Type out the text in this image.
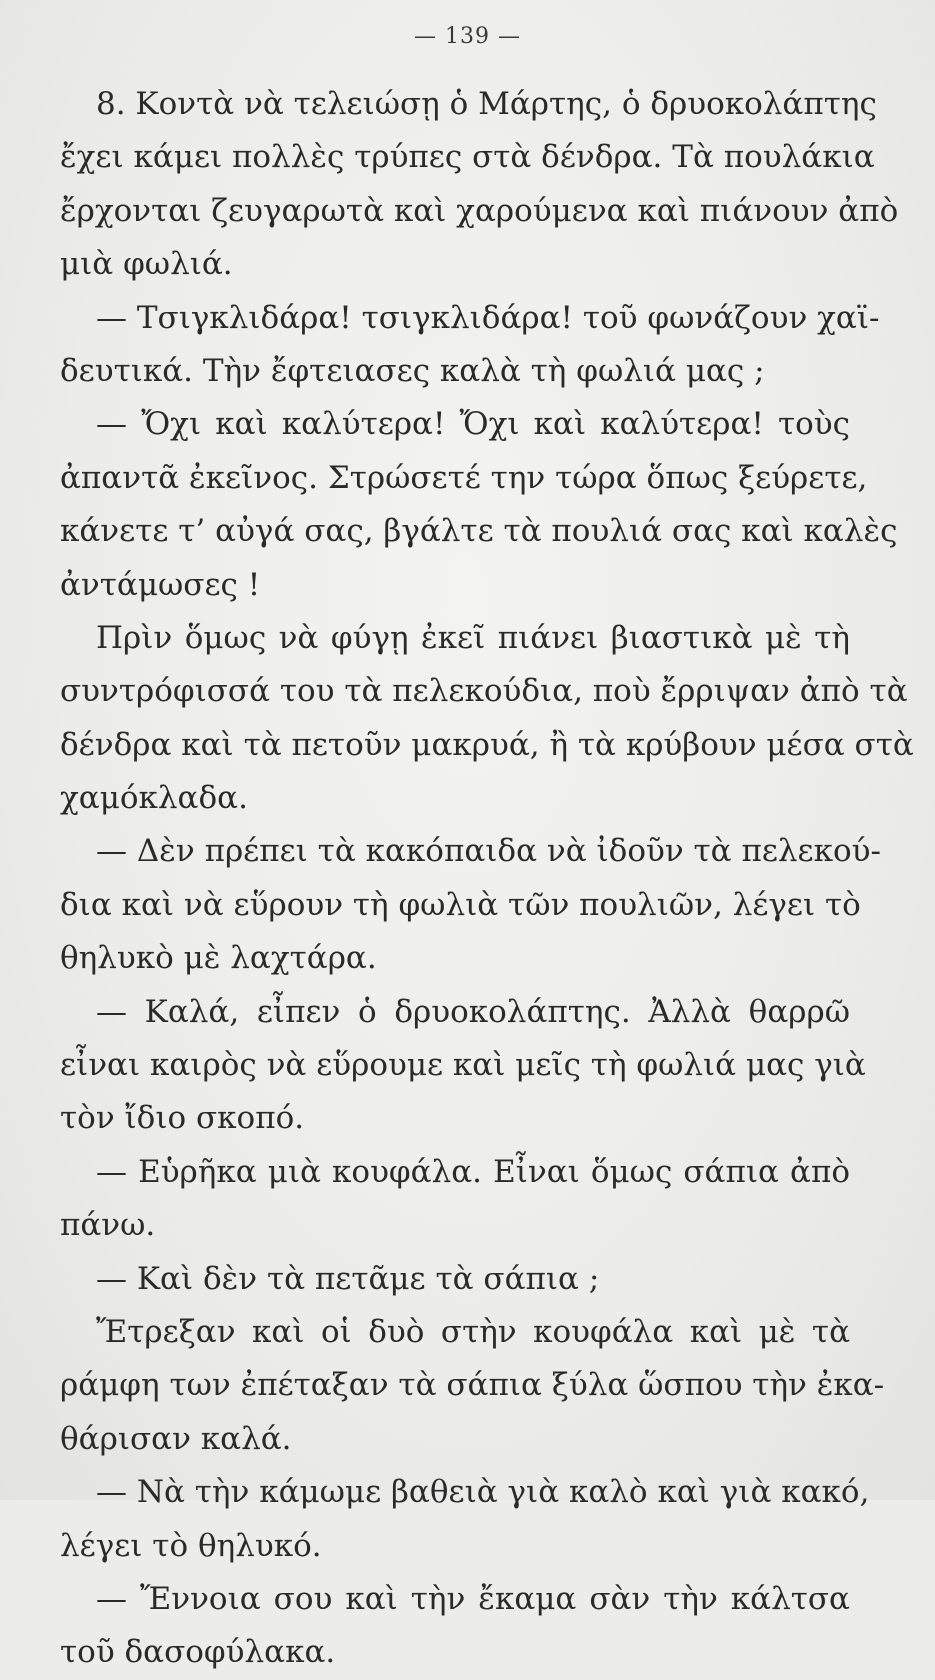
— 139 —
8. Κοντὰ νὰ τελειώσῃ ὁ Μάρτης, ὁ δρυοκολάπτης
ἔχει κάμει πολλὲς τρύπες στὰ δένδρα. Τὰ πουλάκια
ἔρχονται ζευγαρωτὰ καὶ χαρούμενα καὶ πιάνουν ἀπὸ
μιὰ φωλιά.
— Τσιγκλιδάρα! τσιγκλιδάρα! τοῦ φωνάζουν χαϊ-
δευτικά. Τὴν ἔφτειασες καλὰ τὴ φωλιά μας ;
— Ὄχι καὶ καλύτερα! Ὄχι καὶ καλύτερα! τοὺς
ἀπαντᾶ ἐκεῖνος. Στρώσετέ την τώρα ὅπως ξεύρετε,
κάνετε τ’ αὐγά σας, βγάλτε τὰ πουλιά σας καὶ καλὲς
ἀντάμωσες !
Πρὶν ὅμως νὰ φύγῃ ἐκεῖ πιάνει βιαστικὰ μὲ τὴ
συντρόφισσά του τὰ πελεκούδια, ποὺ ἔρριψαν ἀπὸ τὰ
δένδρα καὶ τὰ πετοῦν μακρυά, ἢ τὰ κρύβουν μέσα στὰ
χαμόκλαδα.
— Δὲν πρέπει τὰ κακόπαιδα νὰ ἰδοῦν τὰ πελεκού-
δια καὶ νὰ εὕρουν τὴ φωλιὰ τῶν πουλιῶν, λέγει τὸ
θηλυκὸ μὲ λαχτάρα.
— Καλά, εἶπεν ὁ δρυοκολάπτης. Ἀλλὰ θαρρῶ
εἶναι καιρὸς νὰ εὕρουμε καὶ μεῖς τὴ φωλιά μας γιὰ
τὸν ἴδιο σκοπό.
— Εὑρῆκα μιὰ κουφάλα. Εἶναι ὅμως σάπια ἀπὸ
πάνω.
— Καὶ δὲν τὰ πετᾶμε τὰ σάπια ;
Ἔτρεξαν καὶ οἱ δυὸ στὴν κουφάλα καὶ μὲ τὰ
ράμφη των ἐπέταξαν τὰ σάπια ξύλα ὥσπου τὴν ἐκα-
θάρισαν καλά.
— Νὰ τὴν κάμωμε βαθειὰ γιὰ καλὸ καὶ γιὰ κακό,
λέγει τὸ θηλυκό.
— Ἔννοια σου καὶ τὴν ἔκαμα σὰν τὴν κάλτσα
τοῦ δασοφύλακα.
